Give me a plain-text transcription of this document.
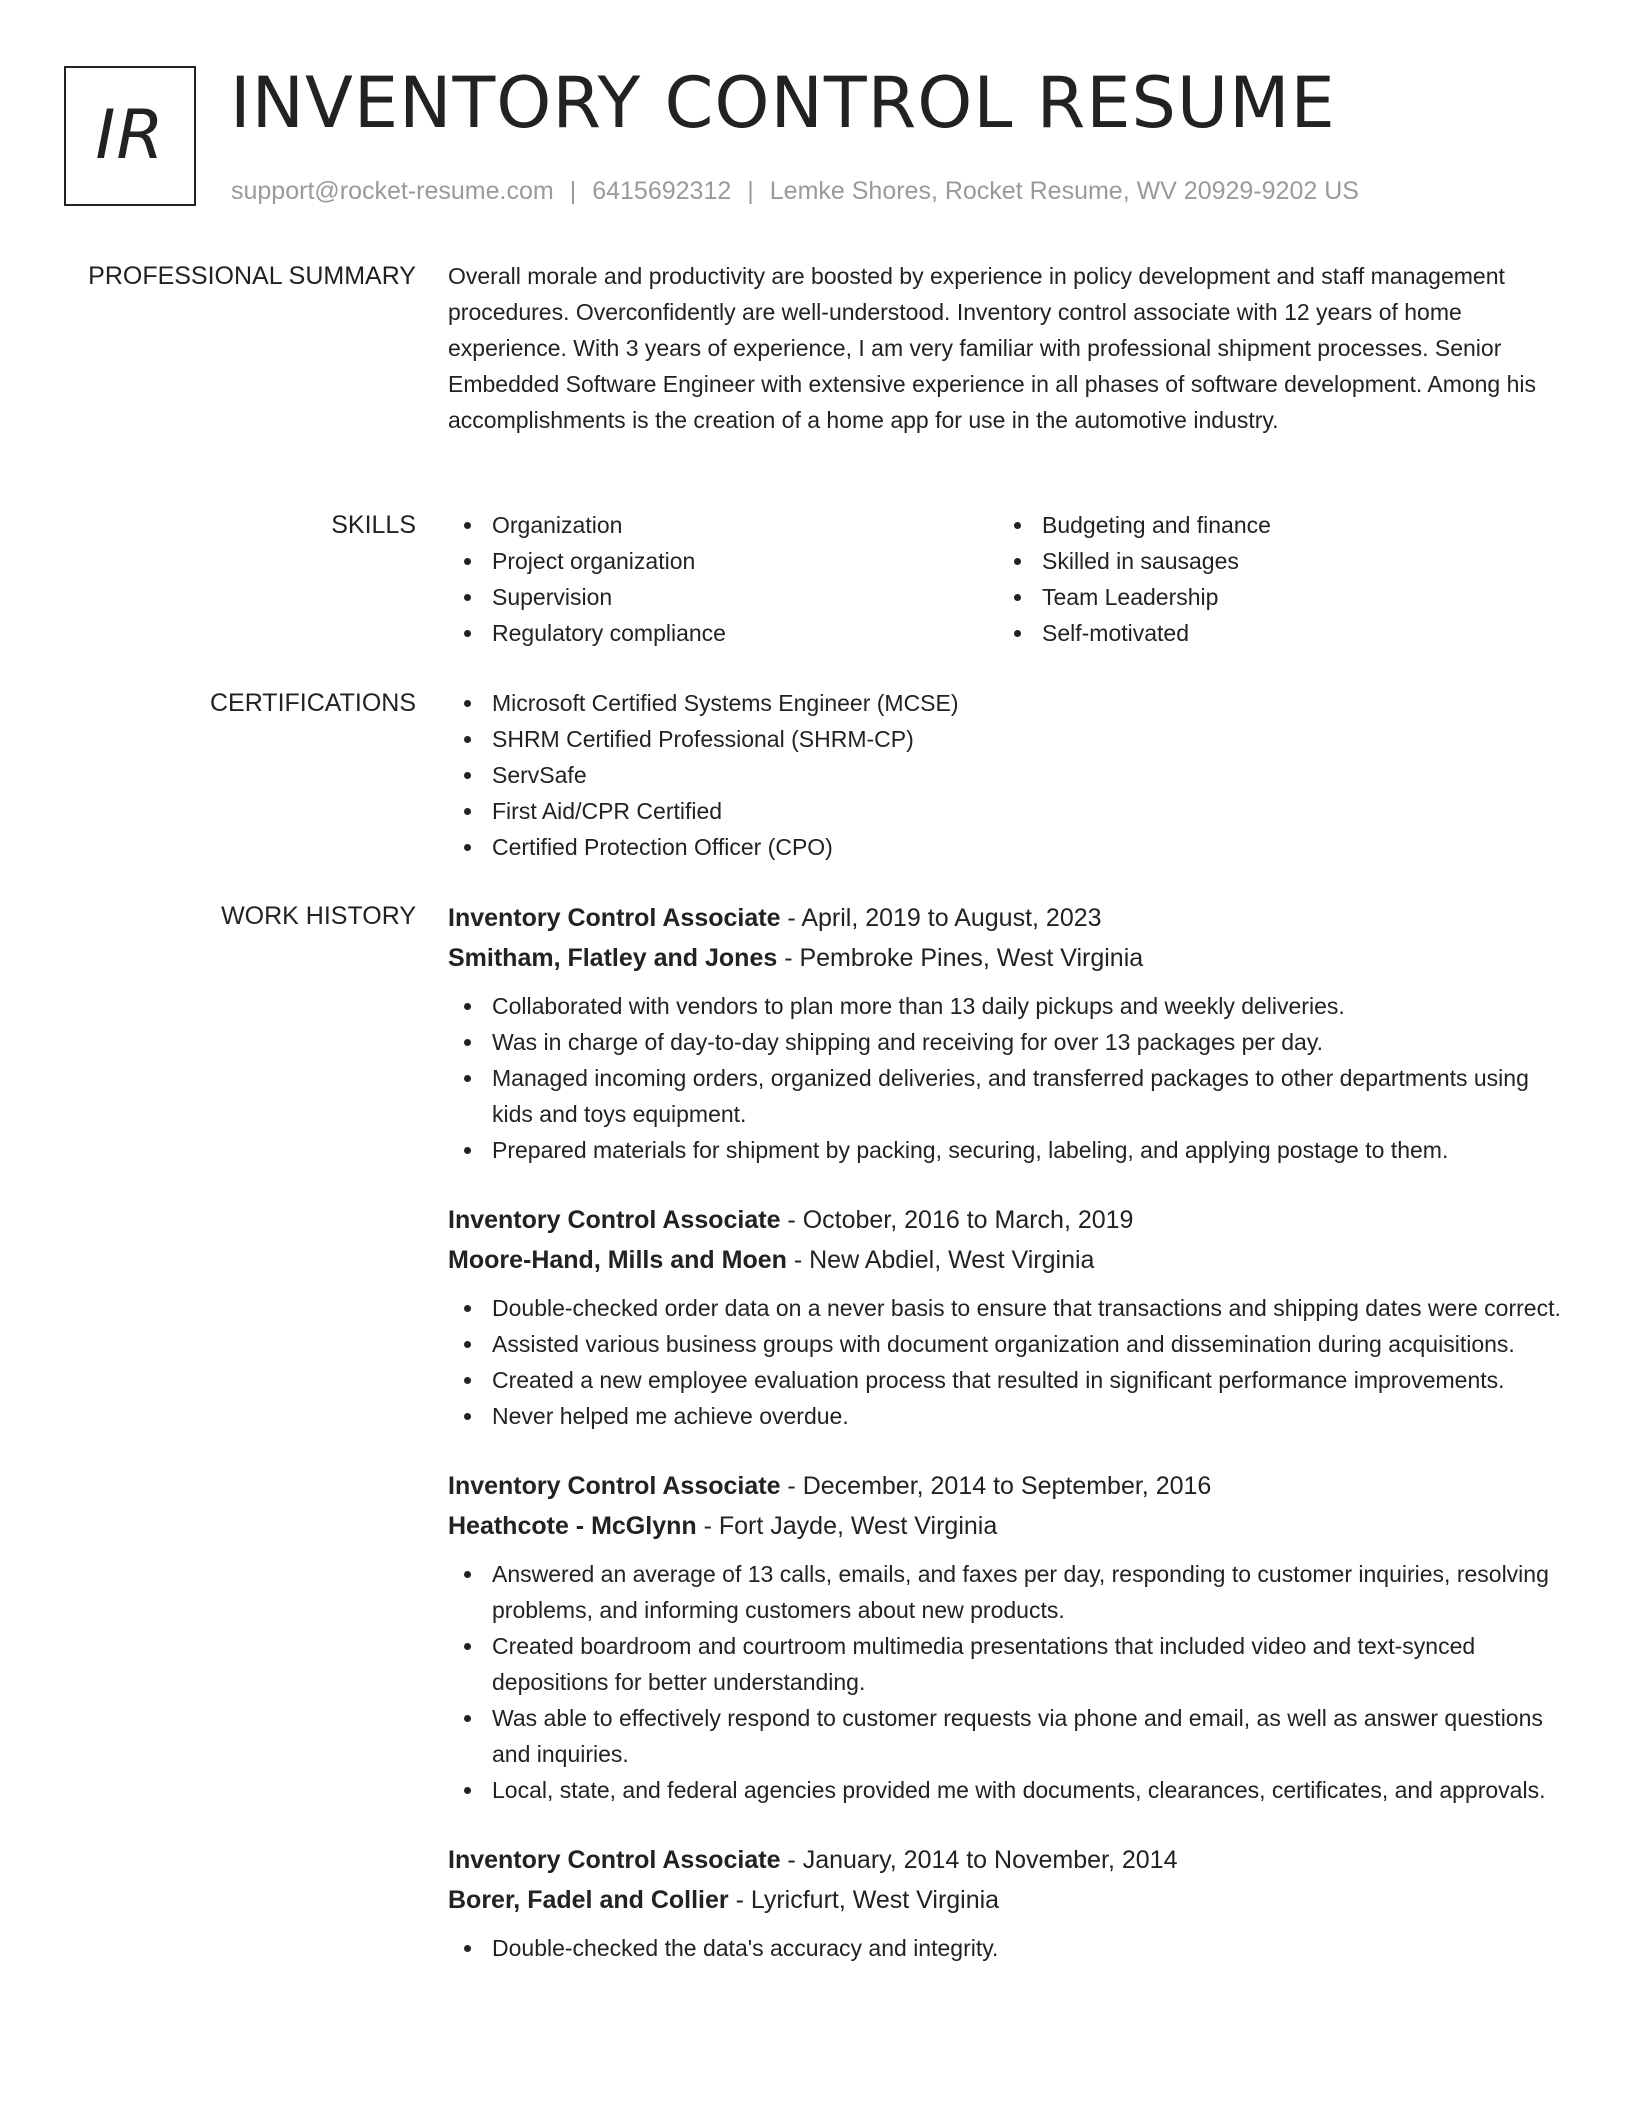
IR INVENTORY CONTROL RESUME
support@rocket-resume.com | 6415692312 | Lemke Shores, Rocket Resume, WV 20929-9202 US
PROFESSIONAL SUMMARY Overall morale and productivity are boosted by experience in policy development and staff management procedures. Overconfidently are well-understood. Inventory control associate with 12 years of home experience. With 3 years of experience, I am very familiar with professional shipment processes. Senior Embedded Software Engineer with extensive experience in all phases of software development. Among his accomplishments is the creation of a home app for use in the automotive industry.

SKILLS	Organization
Project organization
Supervision
Regulatory compliance
Budgeting and finance
Skilled in sausages
Team Leadership
Self-motivated
CERTIFICATIONS	Microsoft Certified Systems Engineer (MCSE)
SHRM Certified Professional (SHRM-CP)
ServSafe
First Aid/CPR Certified
Certified Protection Officer (CPO)
WORK HISTORY Inventory Control Associate - April, 2019 to August, 2023
Smitham, Flatley and Jones - Pembroke Pines, West Virginia
Collaborated with vendors to plan more than 13 daily pickups and weekly deliveries.
Was in charge of day-to-day shipping and receiving for over 13 packages per day.
Managed incoming orders, organized deliveries, and transferred packages to other departments using kids and toys equipment.
Prepared materials for shipment by packing, securing, labeling, and applying postage to them.
Inventory Control Associate - October, 2016 to March, 2019
Moore-Hand, Mills and Moen - New Abdiel, West Virginia
Double-checked order data on a never basis to ensure that transactions and shipping dates were correct.
Assisted various business groups with document organization and dissemination during acquisitions.
Created a new employee evaluation process that resulted in significant performance improvements.
Never helped me achieve overdue.
Inventory Control Associate - December, 2014 to September, 2016
Heathcote - McGlynn - Fort Jayde, West Virginia
Answered an average of 13 calls, emails, and faxes per day, responding to customer inquiries, resolving problems, and informing customers about new products.
Created boardroom and courtroom multimedia presentations that included video and text-synced depositions for better understanding.
Was able to effectively respond to customer requests via phone and email, as well as answer questions and inquiries.
Local, state, and federal agencies provided me with documents, clearances, certificates, and approvals.
Inventory Control Associate - January, 2014 to November, 2014
Borer, Fadel and Collier - Lyricfurt, West Virginia
Double-checked the data's accuracy and integrity.
